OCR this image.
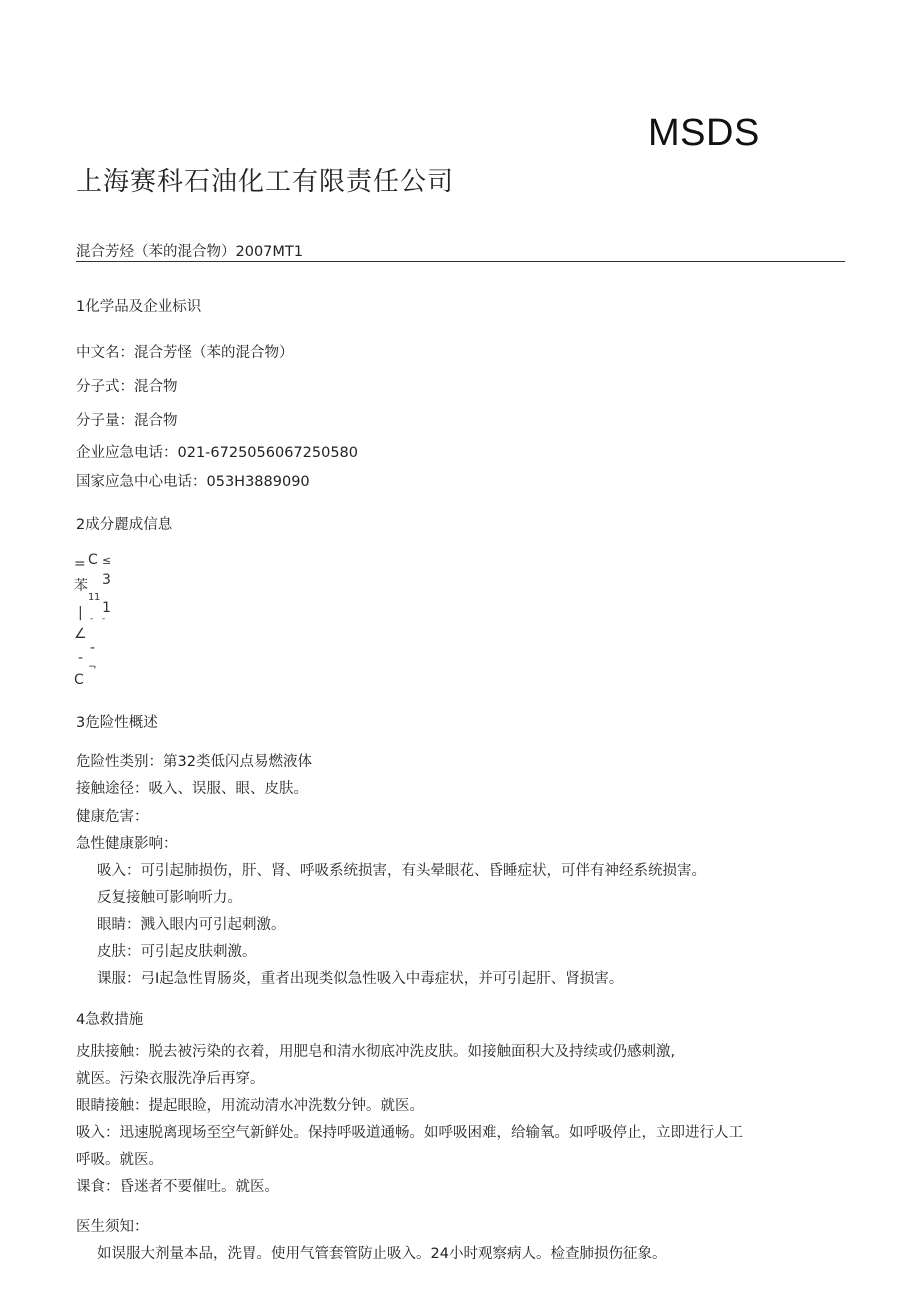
MSDS
上海赛科石油化工有限责任公司
混合芳烃（苯的混合物）2007MT1
1化学品及企业标识
中文名：混合芳怪（苯的混合物）
分子式：混合物
分子量：混合物
企业应急电话：021-6725056067250580
国家应急中心电话：053H3889090
2成分麗成信息
= C ≤
苯 3
1 1
| 1
∠
- -
-
-
C
¬
3危险性概述
危险性类别：第32类低闪点易燃液体
接触途径：吸入、误服、眼、皮肤。
健康危害：
急性健康影响：
吸入：可引起肺损伤，肝、肾、呼吸系统损害，有头晕眼花、昏睡症状，可伴有神经系统损害。
反复接触可影响听力。
眼睛：溅入眼内可引起刺激。
皮肤：可引起皮肤刺激。
课服：弓I起急性胃肠炎，重者出现类似急性吸入中毒症状，并可引起肝、肾损害。
4急救措施
皮肤接触：脱去被污染的衣着，用肥皂和清水彻底冲洗皮肤。如接触面积大及持续或仍感刺激,
就医。污染衣服洗净后再穿。
眼睛接触：提起眼睑，用流动清水冲洗数分钟。就医。
吸入：迅速脱离现场至空气新鲜处。保持呼吸道通畅。如呼吸困难，给输氧。如呼吸停止，立即进行人工
呼吸。就医。
课食：昏迷者不要催吐。就医。
医生须知：
如误服大剂量本品，洗胃。使用气管套管防止吸入。24小时观察病人。检查肺损伤征象。
